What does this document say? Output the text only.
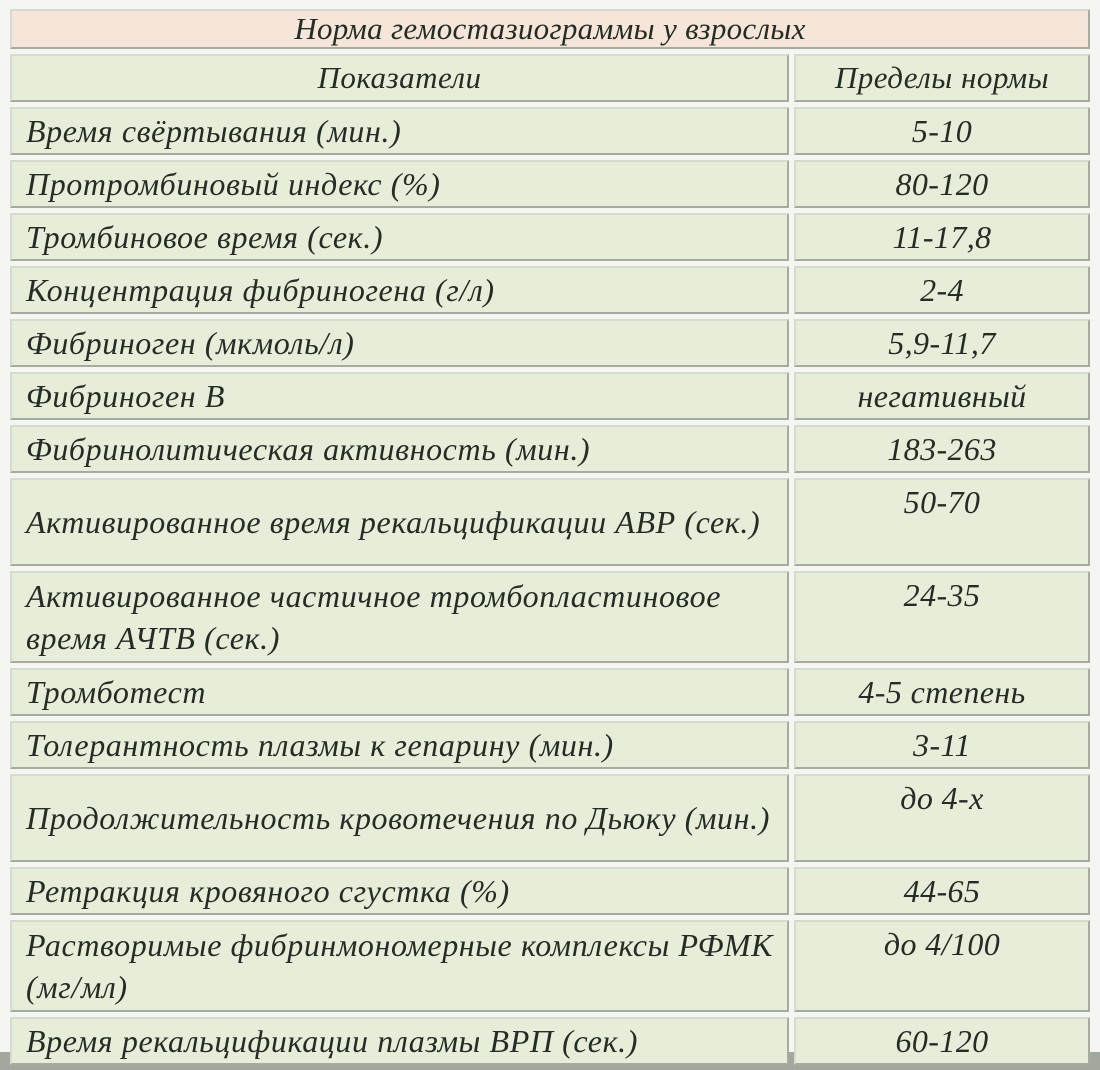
Норма гемостазиограммы у взрослых	
Показатели	Пределы нормы
Время свёртывания (мин.)	5-10
Протромбиновый индекс (%)	80-120
Тромбиновое время (сек.)	11-17,8
Концентрация фибриногена (г/л)	2-4
Фибриноген (мкмоль/л)	5,9-11,7
Фибриноген В	негативный
Фибринолитическая активность (мин.)	183-263
Активированное время рекальцификации АВР (сек.)	50-70
Активированное частичное тромбопластиновое время АЧТВ (сек.)	24-35
Тромботест	4-5 степень
Толерантность плазмы к гепарину (мин.)	3-11
Продолжительность кровотечения по Дьюку (мин.)	до 4-х
Ретракция кровяного сгустка (%)	44-65
Растворимые фибринмономерные комплексы РФМК (мг/мл)	до 4/100
Время рекальцификации плазмы ВРП (сек.)	60-120
